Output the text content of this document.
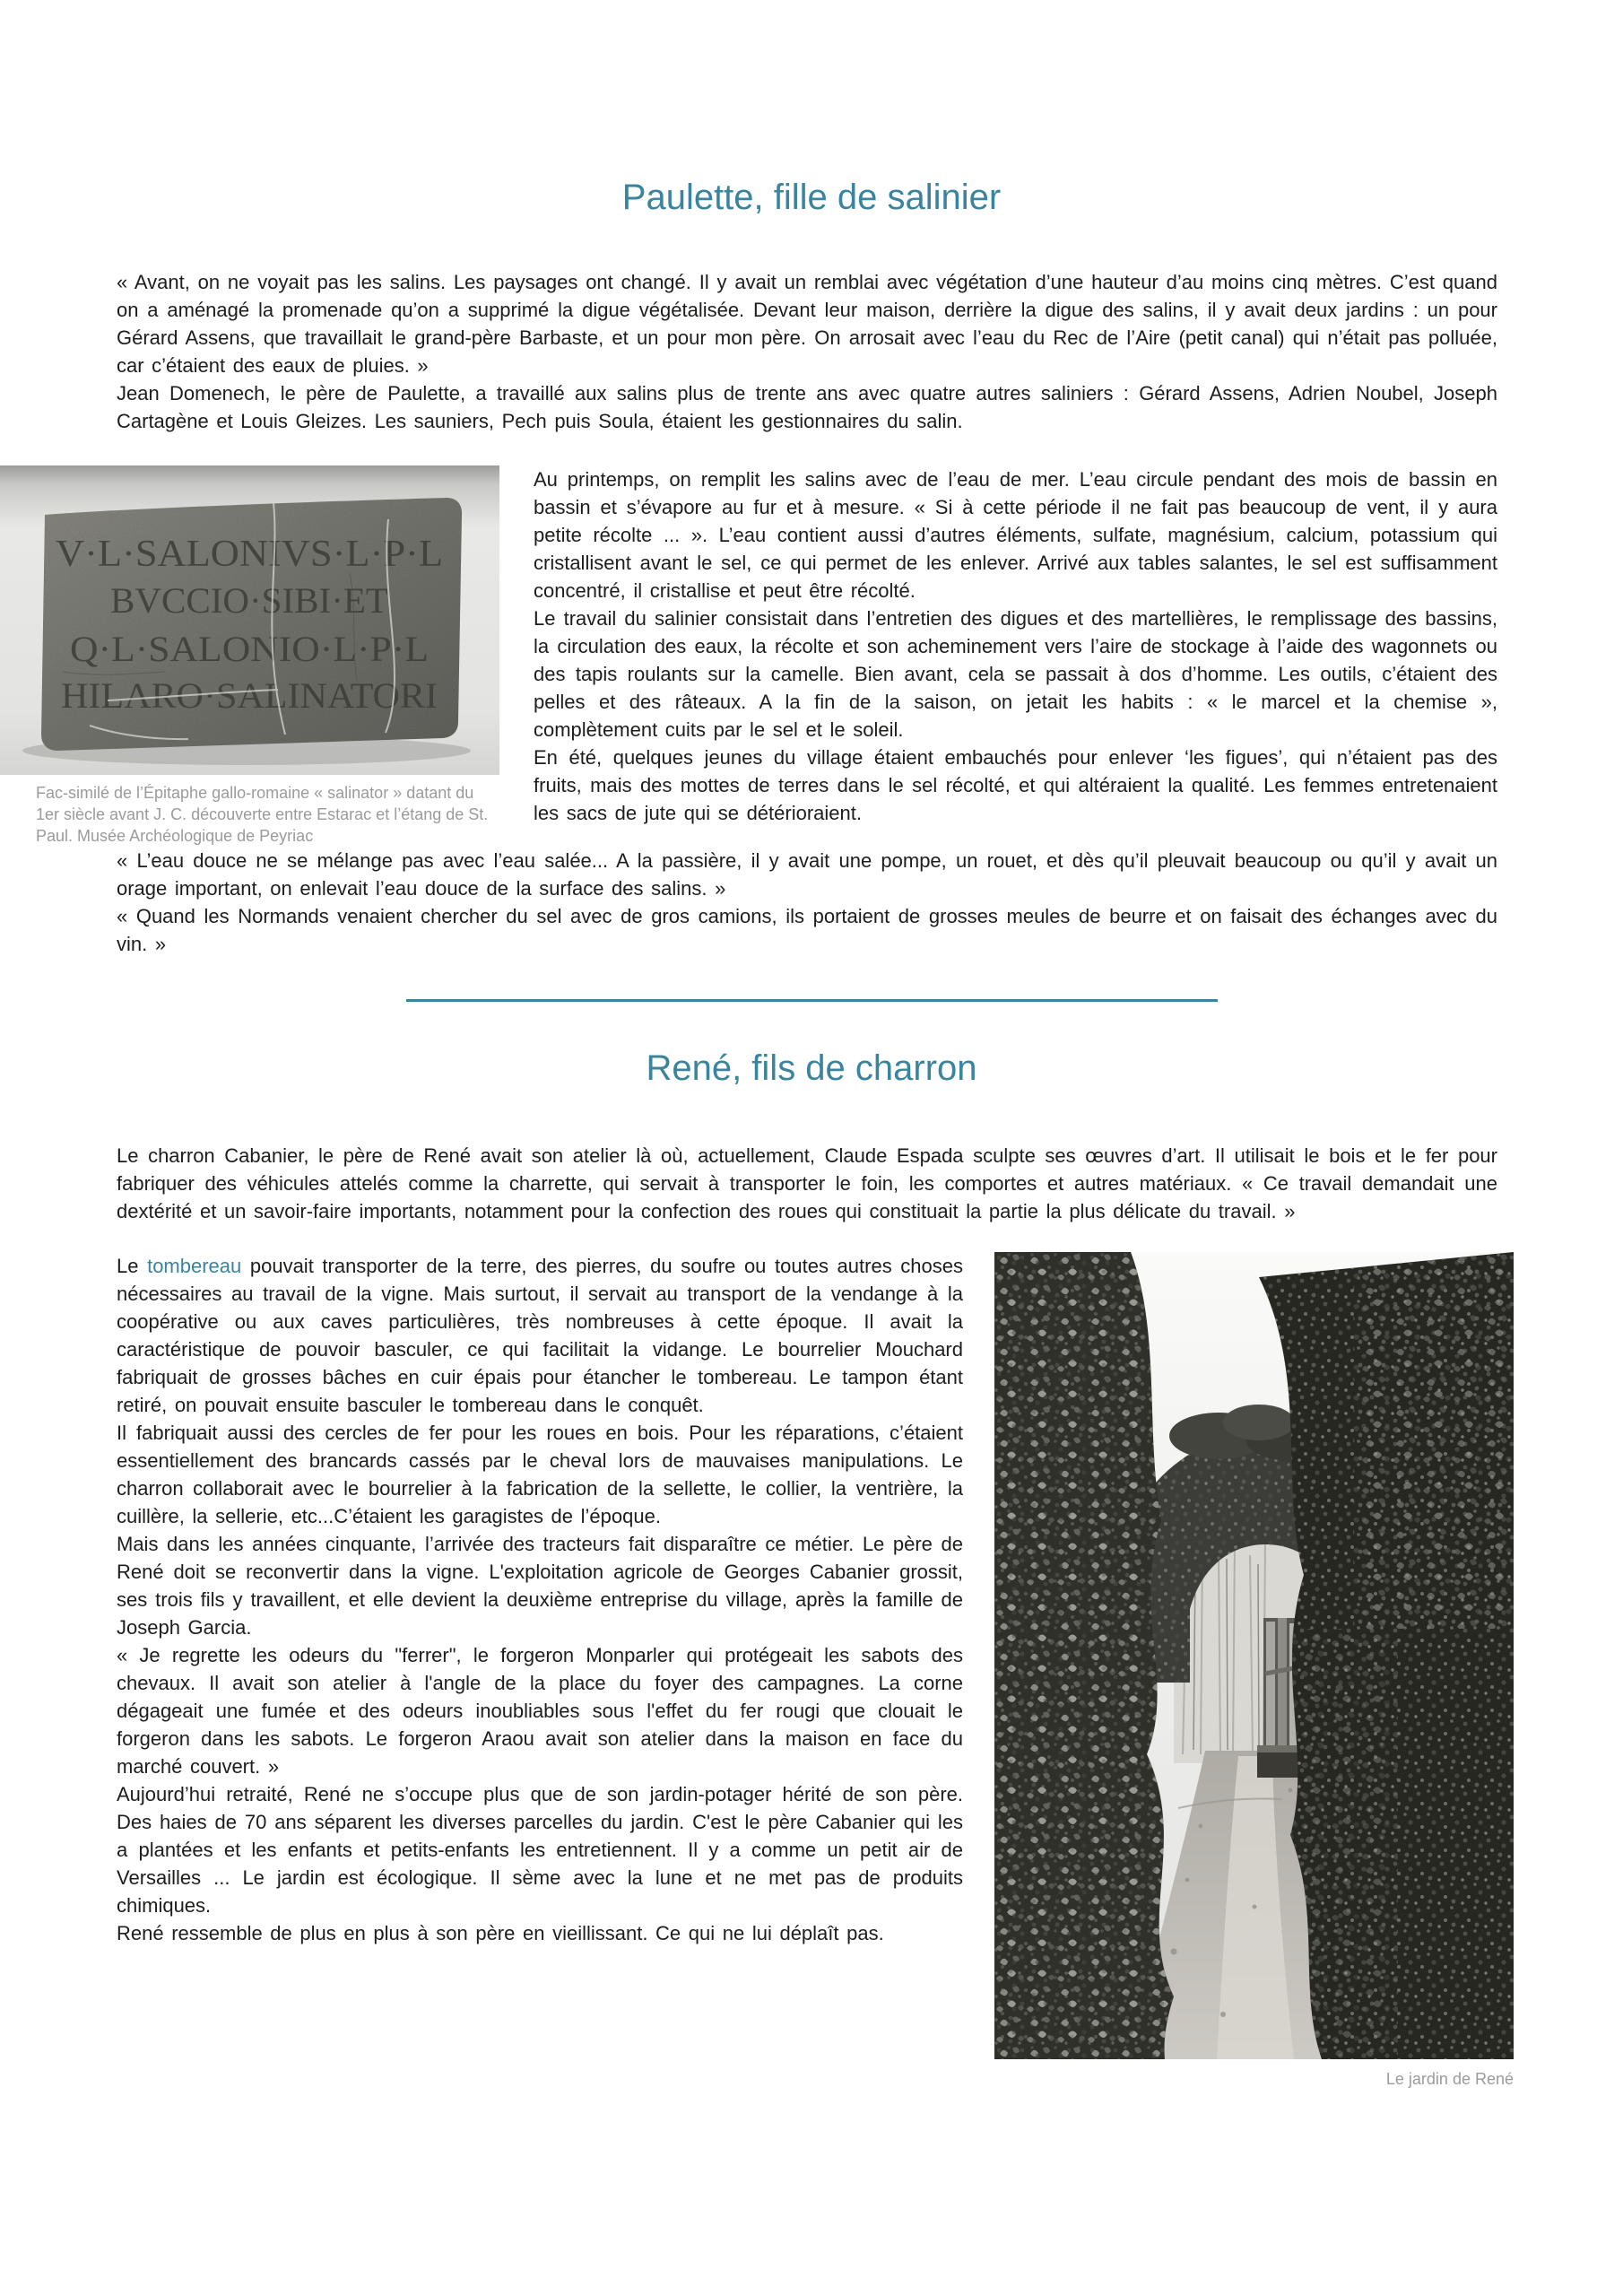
Paulette, fille de salinier

« Avant, on ne voyait pas les salins. Les paysages ont changé. Il y avait un remblai avec végétation d’une hauteur d’au moins cinq mètres. C’est quand on a aménagé la promenade qu’on a supprimé la digue végétalisée. Devant leur maison, derrière la digue des salins, il y avait deux jardins : un pour Gérard Assens, que travaillait le grand-père Barbaste, et un pour mon père. On arrosait avec l’eau du Rec de l’Aire (petit canal) qui n’était pas polluée, car c’étaient des eaux de pluies. »

Jean Domenech, le père de Paulette, a travaillé aux salins plus de trente ans avec quatre autres saliniers : Gérard Assens, Adrien Noubel, Joseph Cartagène et Louis Gleizes. Les sauniers, Pech puis Soula, étaient les gestionnaires du salin.

V·L·SALONIVS·L·P·L
BVCCIO·SIBI·ET
Q·L·SALONIO·L·P·L
HILARO·SALINATORI
Fac-similé de l’Épitaphe gallo-romaine « salinator » datant du 1er siècle avant J. C. découverte entre Estarac et l’étang de St. Paul. Musée Archéologique de Peyriac

Au printemps, on remplit les salins avec de l’eau de mer. L’eau circule pendant des mois de bassin en bassin et s’évapore au fur et à mesure. « Si à cette période il ne fait pas beaucoup de vent, il y aura petite récolte ... ». L’eau contient aussi d’autres éléments, sulfate, magnésium, calcium, potassium qui cristallisent avant le sel, ce qui permet de les enlever. Arrivé aux tables salantes, le sel est suffisamment concentré, il cristallise et peut être récolté.

Le travail du salinier consistait dans l’entretien des digues et des martellières, le remplissage des bassins, la circulation des eaux, la récolte et son acheminement vers l’aire de stockage à l’aide des wagonnets ou des tapis roulants sur la camelle. Bien avant, cela se passait à dos d’homme. Les outils, c’étaient des pelles et des râteaux. A la fin de la saison, on jetait les habits : « le marcel et la chemise », complètement cuits par le sel et le soleil.

En été, quelques jeunes du village étaient embauchés pour enlever ‘les figues’, qui n’étaient pas des fruits, mais des mottes de terres dans le sel récolté, et qui altéraient la qualité. Les femmes entretenaient les sacs de jute qui se détérioraient.

« L’eau douce ne se mélange pas avec l’eau salée... A la passière, il y avait une pompe, un rouet, et dès qu’il pleuvait beaucoup ou qu’il y avait un orage important, on enlevait l’eau douce de la surface des salins. »

« Quand les Normands venaient chercher du sel avec de gros camions, ils portaient de grosses meules de beurre et on faisait des échanges avec du vin. »

René, fils de charron

Le charron Cabanier, le père de René avait son atelier là où, actuellement, Claude Espada sculpte ses œuvres d’art. Il utilisait le bois et le fer pour fabriquer des véhicules attelés comme la charrette, qui servait à transporter le foin, les comportes et autres matériaux. « Ce travail demandait une dextérité et un savoir-faire importants, notamment pour la confection des roues qui constituait la partie la plus délicate du travail. »

Le tombereau pouvait transporter de la terre, des pierres, du soufre ou toutes autres choses nécessaires au travail de la vigne. Mais surtout, il servait au transport de la vendange à la coopérative ou aux caves particulières, très nombreuses à cette époque. Il avait la caractéristique de pouvoir basculer, ce qui facilitait la vidange. Le bourrelier Mouchard fabriquait de grosses bâches en cuir épais pour étancher le tombereau. Le tampon étant retiré, on pouvait ensuite basculer le tombereau dans le conquêt.

Il fabriquait aussi des cercles de fer pour les roues en bois. Pour les réparations, c’étaient essentiellement des brancards cassés par le cheval lors de mauvaises manipulations. Le charron collaborait avec le bourrelier à la fabrication de la sellette, le collier, la ventrière, la cuillère, la sellerie, etc...C’étaient les garagistes de l’époque.

Mais dans les années cinquante, l’arrivée des tracteurs fait disparaître ce métier. Le père de René doit se reconvertir dans la vigne. L'exploitation agricole de Georges Cabanier grossit, ses trois fils y travaillent, et elle devient la deuxième entreprise du village, après la famille de Joseph Garcia.

« Je regrette les odeurs du "ferrer", le forgeron Monparler qui protégeait les sabots des chevaux. Il avait son atelier à l'angle de la place du foyer des campagnes. La corne dégageait une fumée et des odeurs inoubliables sous l'effet du fer rougi que clouait le forgeron dans les sabots. Le forgeron Araou avait son atelier dans la maison en face du marché couvert. »

Aujourd’hui retraité, René ne s’occupe plus que de son jardin-potager hérité de son père. Des haies de 70 ans séparent les diverses parcelles du jardin. C'est le père Cabanier qui les a plantées et les enfants et petits-enfants les entretiennent. Il y a comme un petit air de Versailles ... Le jardin est écologique. Il sème avec la lune et ne met pas de produits chimiques.

René ressemble de plus en plus à son père en vieillissant. Ce qui ne lui déplaît pas.

Le jardin de René
